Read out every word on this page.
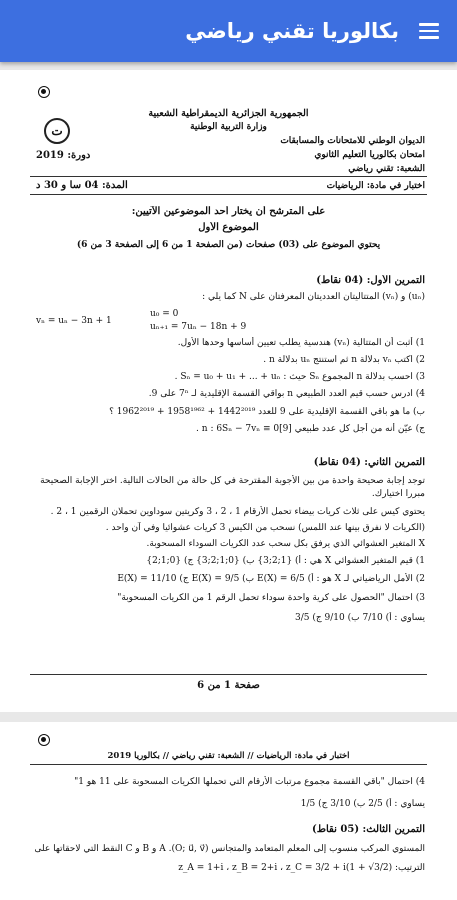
بكالوريا تقني رياضي
ت
الجمهورية الجزائرية الديمقراطية الشعبية
وزارة التربية الوطنية
الديوان الوطني للامتحانات والمسابقات
امتحان بكالوريا التعليم الثانوي
دورة: 2019
الشعبة: تقني رياضي
اختبار في مادة: الرياضيات
المدة: 04 سا و 30 د
على المترشح أن يختار أحد الموضوعين الآتيين:
الموضوع الأول
يحتوي الموضوع على (03) صفحات (من الصفحة 1 من 6 إلى الصفحة 3 من 6)
التمرين الأول: (04 نقاط)
(uₙ) و (vₙ) المتتاليتان العدديتان المعرفتان على N كما يلي :
u₀ = 0
uₙ₊₁ = 7uₙ − 18n + 9
vₙ = uₙ − 3n + 1
1) أثبت أن المتتالية (vₙ) هندسية يطلب تعيين أساسها وحدها الأول.
2) اكتب vₙ بدلالة n ثم استنتج uₙ بدلالة n .
3) احسب بدلالة n المجموع Sₙ حيث : Sₙ = u₀ + u₁ + ... + uₙ .
4) ادرس حسب قيم العدد الطبيعي n بواقي القسمة الإقليدية لـ 7ⁿ على 9.
ب) ما هو باقي القسمة الإقليدية على 9 للعدد 1442²⁰¹⁹ + 1958¹⁹⁶² + 1962²⁰¹⁹ ؟
ج) عيّن أنه من أجل كل عدد طبيعي n : 6Sₙ − 7vₙ ≡ 0[9] .
التمرين الثاني: (04 نقاط)
توجد إجابة صحيحة واحدة من بين الأجوبة المقترحة في كل حالة من الحالات التالية. اختر الإجابة الصحيحة
مبررا اختيارك.
يحتوي كيس على ثلاث كريات بيضاء تحمل الأرقام 1 ، 2 ، 3 وكريتين سوداوين تحملان الرقمين 1 ، 2 .
(الكريات لا نفرق بينها عند اللمس) نسحب من الكيس 3 كريات عشوائيا وفي آن واحد .
X المتغير العشوائي الذي يرفق بكل سحب عدد الكريات السوداء المسحوبة.
1) قيم المتغير العشوائي X هي : أ) {1;2;3} ب) {0;1;2;3} ج) {0;1;2}
2) الأمل الرياضياتي لـ X هو : أ) E(X) = 6/5 ب) E(X) = 9/5 ج) E(X) = 11/10
3) احتمال "الحصول على كرية واحدة سوداء تحمل الرقم 1 من الكريات المسحوبة"
يساوي : أ) 7/10 ب) 9/10 ج) 3/5
صفحة 1 من 6
اختبار في مادة: الرياضيات // الشعبة: تقني رياضي // بكالوريا 2019
4) احتمال "باقي القسمة مجموع مرتبات الأرقام التي تحملها الكريات المسحوبة على 11 هو 1"
يساوي : أ) 2/5 ب) 3/10 ج) 1/5
التمرين الثالث: (05 نقاط)
المستوي المركب منسوب إلى المعلم المتعامد والمتجانس (O; u⃗, v⃗). A و B و C النقط التي لاحقاتها على
الترتيب: z_A = 1+i ، z_B = 2+i ، z_C = 3/2 + i(1 + √3/2)
